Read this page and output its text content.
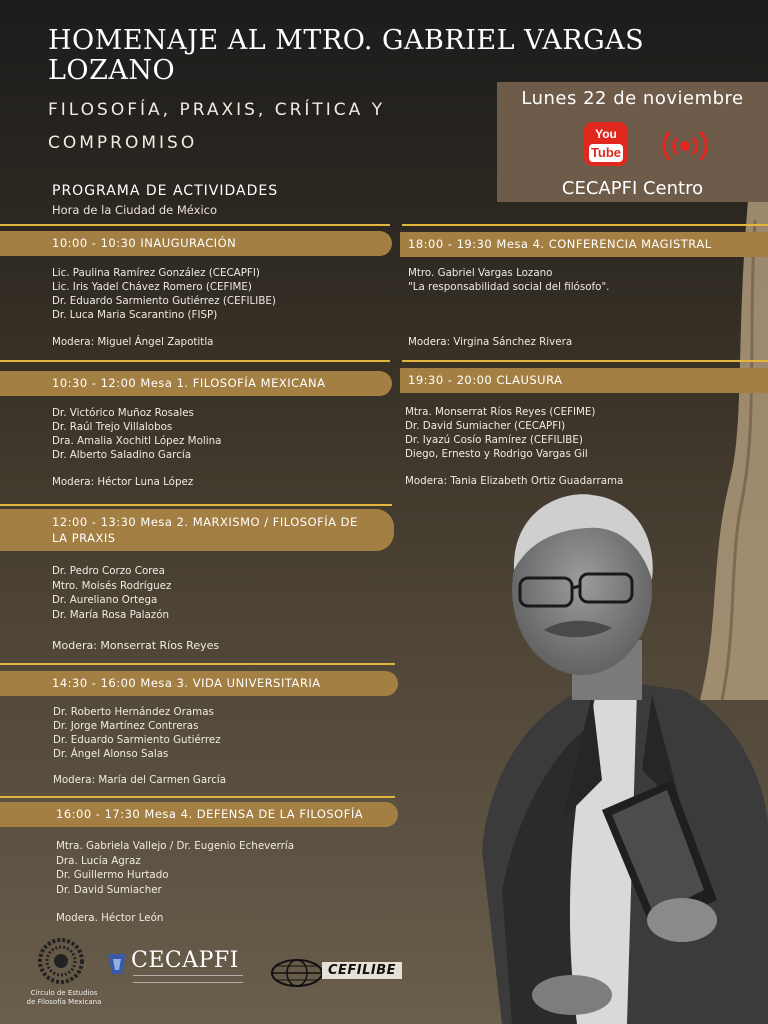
HOMENAJE AL MTRO. GABRIEL VARGAS
LOZANO
FILOSOFÍA, PRAXIS, CRÍTICA Y
COMPROMISO
Lunes 22 de noviembre
CECAPFI Centro
You
Tube
PROGRAMA DE ACTIVIDADES
Hora de la Ciudad de México
10:00 - 10:30 INAUGURACIÓN
Lic. Paulina Ramírez González (CECAPFI)
Lic. Iris Yadel Chávez Romero (CEFIME)
Dr. Eduardo Sarmiento Gutiérrez (CEFILIBE)
Dr. Luca Maria Scarantino (FISP)
Modera: Miguel Ángel Zapotitla
10:30 - 12:00 Mesa 1. FILOSOFÍA MEXICANA
Dr. Victórico Muñoz Rosales
Dr. Raúl Trejo Villalobos
Dra. Amalia Xochitl López Molina
Dr. Alberto Saladino García
Modera: Héctor Luna López
12:00 - 13:30 Mesa 2. MARXISMO / FILOSOFÍA DE
LA PRAXIS
Dr. Pedro Corzo Corea
Mtro. Moisés Rodríguez
Dr. Aureliano Ortega
Dr. María Rosa Palazón
Modera: Monserrat Ríos Reyes
14:30 - 16:00 Mesa 3. VIDA UNIVERSITARIA
Dr. Roberto Hernández Oramas
Dr. Jorge Martínez Contreras
Dr. Eduardo Sarmiento Gutiérrez
Dr. Ángel Alonso Salas
Modera: María del Carmen García
16:00 - 17:30 Mesa 4. DEFENSA DE LA FILOSOFÍA
Mtra. Gabriela Vallejo / Dr. Eugenio Echeverría
Dra. Lucía Agraz
Dr. Guillermo Hurtado
Dr. David Sumiacher
Modera. Héctor León
18:00 - 19:30 Mesa 4. CONFERENCIA MAGISTRAL
Mtro. Gabriel Vargas Lozano
"La responsabilidad social del filósofo".
Modera: Virgina Sánchez Rivera
19:30 - 20:00 CLAUSURA
Mtra. Monserrat Ríos Reyes (CEFIME)
Dr. David Sumiacher (CECAPFI)
Dr. Iyazú Cosío Ramírez (CEFILIBE)
Diego, Ernesto y Rodrigo Vargas Gil
Modera: Tania Elizabeth Ortiz Guadarrama
Círculo de Estudios
de Filosofía Mexicana
CECAPFI	CEFILIBE
